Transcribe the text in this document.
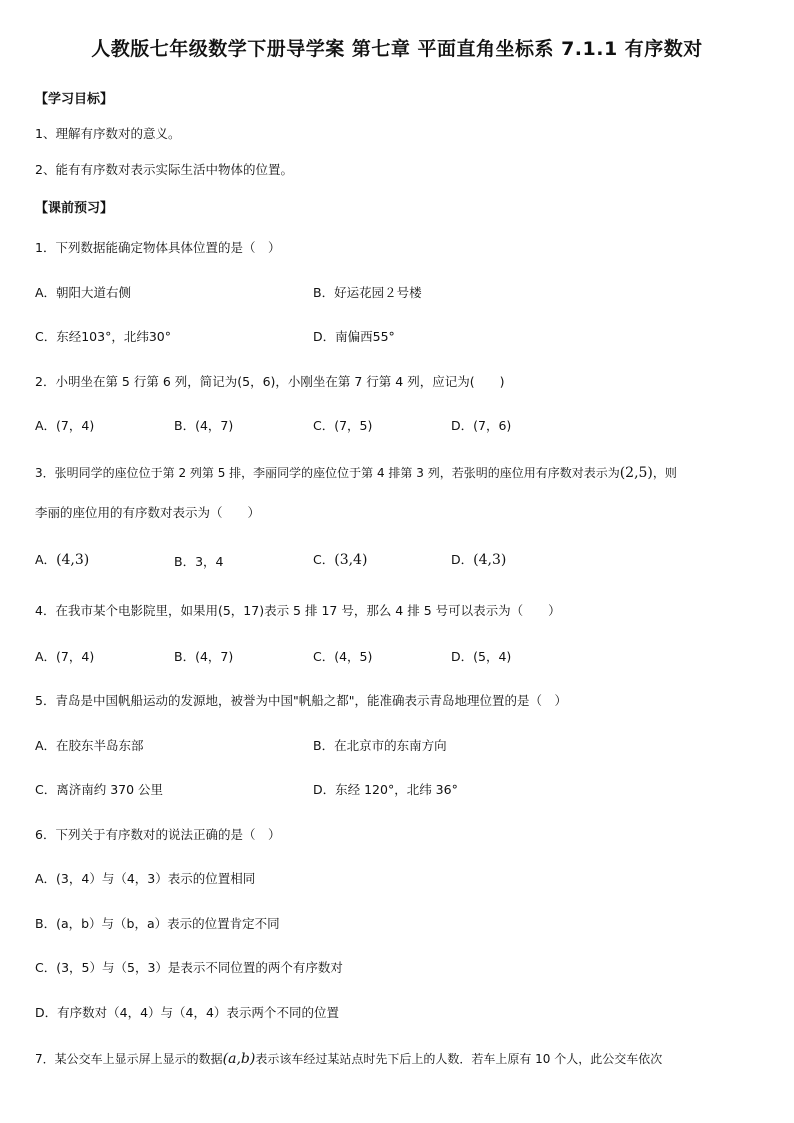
人教版七年级数学下册导学案 第七章 平面直角坐标系 7.1.1 有序数对
【学习目标】
1、理解有序数对的意义。
2、能有有序数对表示实际生活中物体的位置。
【课前预习】
1．下列数据能确定物体具体位置的是（　）
A．朝阳大道右侧	B．好运花园２号楼
C．东经103°，北纬30°	D．南偏西55°
2．小明坐在第 5 行第 6 列，简记为(5，6)，小刚坐在第 7 行第 4 列，应记为(　　)
A．(7，4)	B．(4，7)	C．(7，5)	D．(7，6)
3．张明同学的座位位于第 2 列第 5 排，李丽同学的座位位于第 4 排第 3 列，若张明的座位用有序数对表示为(2,5)，则
李丽的座位用的有序数对表示为（　　）
A．(4,3)	B．3，4	C．(3,4)	D．(4,3)
4．在我市某个电影院里，如果用(5，17)表示 5 排 17 号，那么 4 排 5 号可以表示为（　　）
A．(7，4)	B．(4，7)	C．(4，5)	D．(5，4)
5．青岛是中国帆船运动的发源地，被誉为中国"帆船之都"，能准确表示青岛地理位置的是（　）
A．在胶东半岛东部	B．在北京市的东南方向
C．离济南约 370 公里	D．东经 120°，北纬 36°
6．下列关于有序数对的说法正确的是（　）
A．(3，4）与（4，3）表示的位置相同
B．(a，b）与（b，a）表示的位置肯定不同
C．(3，5）与（5，3）是表示不同位置的两个有序数对
D．有序数对（4，4）与（4，4）表示两个不同的位置
7．某公交车上显示屏上显示的数据(a,b)表示该车经过某站点时先下后上的人数．若车上原有 10 个人，此公交车依次
